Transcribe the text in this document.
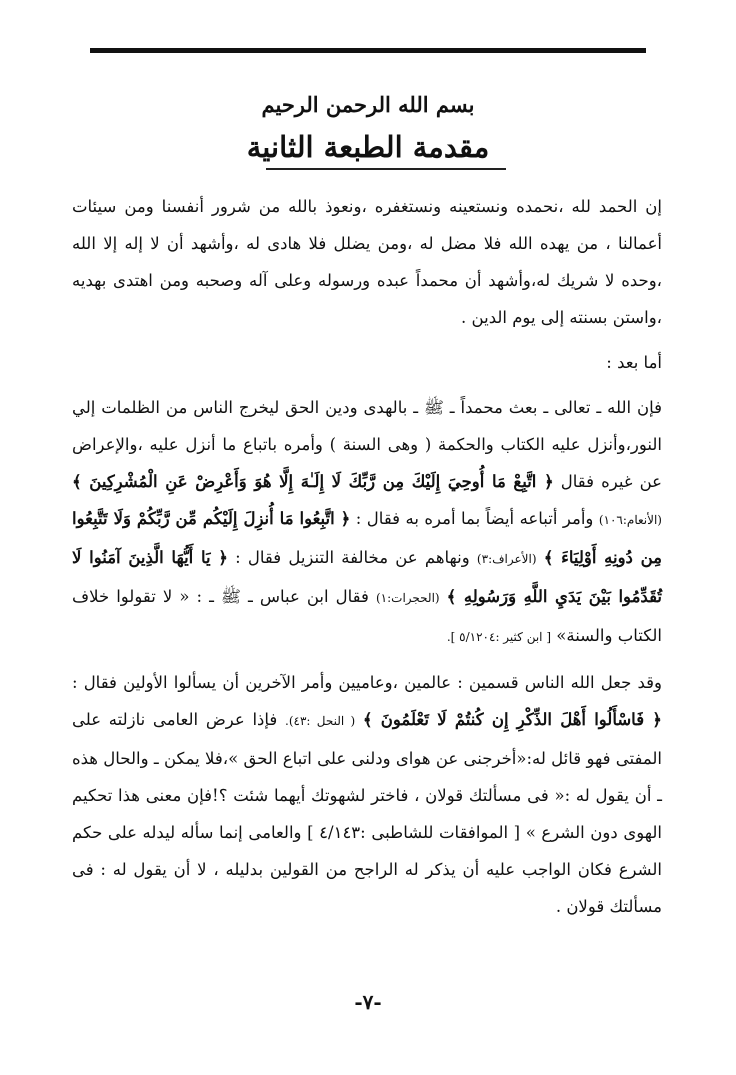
بسم الله الرحمن الرحيم
مقدمة الطبعة الثانية

إن الحمد لله ،نحمده ونستعينه ونستغفره ،ونعوذ بالله من شرور أنفسنا ومن سيئات أعمالنا ، من يهده الله فلا مضل له ،ومن يضلل فلا هادى له ،وأشهد أن لا إله إلا الله ،وحده لا شريك له،وأشهد أن محمداً عبده ورسوله وعلى آله وصحبه ومن اهتدى بهديه ،واستن بسنته إلى يوم الدين .

أما بعد :

فإن الله ـ تعالى ـ بعث محمداً ـ ﷺ ـ بالهدى ودين الحق ليخرج الناس من الظلمات إلي النور،وأنزل عليه الكتاب والحكمة ( وهى السنة ) وأمره باتباع ما أنزل عليه ،والإعراض عن غيره فقال ﴿ اتَّبِعْ مَا أُوحِيَ إِلَيْكَ مِن رَّبِّكَ لَا إِلَـٰهَ إِلَّا هُوَ وَأَعْرِضْ عَنِ الْمُشْرِكِينَ ﴾ (الأنعام:١٠٦) وأمر أتباعه أيضاً بما أمره به فقال : ﴿ اتَّبِعُوا مَا أُنزِلَ إِلَيْكُم مِّن رَّبِّكُمْ وَلَا تَتَّبِعُوا مِن دُونِهِ أَوْلِيَاءَ ﴾ (الأعراف:٣) ونهاهم عن مخالفة التنزيل فقال : ﴿ يَا أَيُّهَا الَّذِينَ آمَنُوا لَا تُقَدِّمُوا بَيْنَ يَدَيِ اللَّهِ وَرَسُولِهِ ﴾ (الحجرات:١) فقال ابن عباس ـ ﷺ ـ : « لا تقولوا خلاف الكتاب والسنة» [ ابن كثير :٥/١٢٠٤ ].

وقد جعل الله الناس قسمين : عالمين ،وعاميين وأمر الآخرين أن يسألوا الأولين فقال : ﴿ فَاسْأَلُوا أَهْلَ الذِّكْرِ إِن كُنتُمْ لَا تَعْلَمُونَ ﴾ ( النحل :٤٣). فإذا عرض العامى نازلته على المفتى فهو قائل له:«أخرجنى عن هواى ودلنى على اتباع الحق »،فلا يمكن ـ والحال هذه ـ أن يقول له :« فى مسألتك قولان ، فاختر لشهوتك أيهما شئت ؟!فإن معنى هذا تحكيم الهوى دون الشرع » [ الموافقات للشاطبى :٤/١٤٣ ] والعامى إنما سأله ليدله على حكم الشرع فكان الواجب عليه أن يذكر له الراجح من القولين بدليله ، لا أن يقول له : فى مسألتك قولان .

-٧-
